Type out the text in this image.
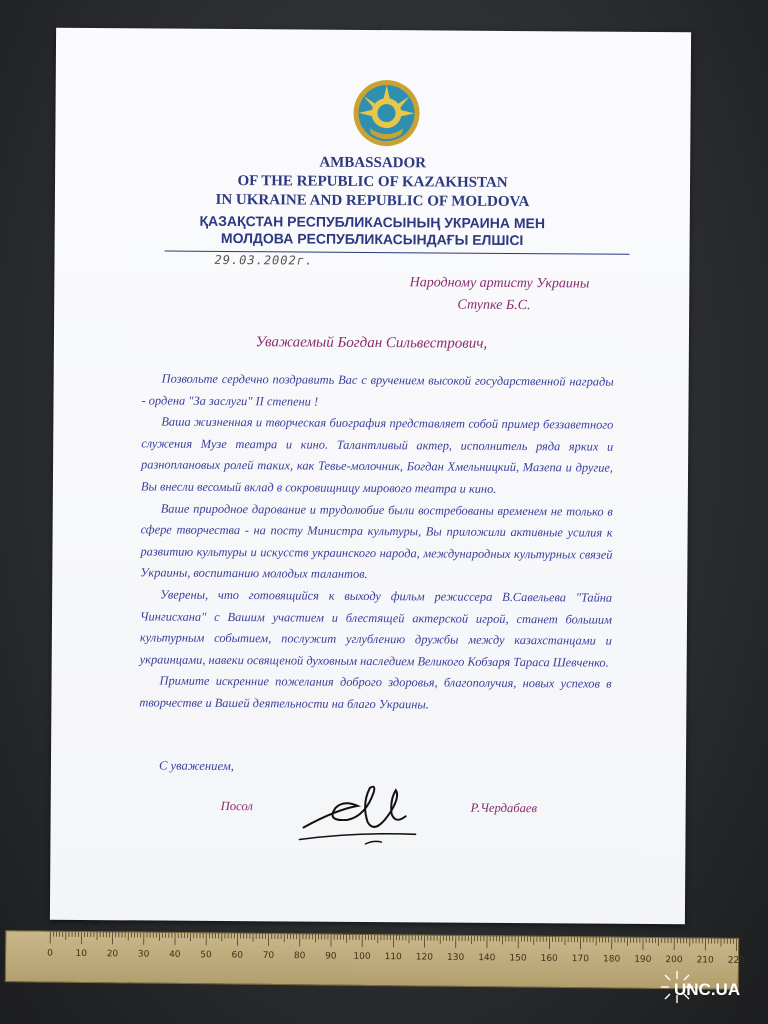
AMBASSADOR
OF THE REPUBLIC OF KAZAKHSTAN
IN UKRAINE AND REPUBLIC OF MOLDOVA
ҚАЗАҚСТАН РЕСПУБЛИКАСЫНЫҢ УКРАИНА МЕН
МОЛДОВА РЕСПУБЛИКАСЫНДАҒЫ ЕЛШІСІ
29.03.2002г.
Народному артисту Украины
Ступке Б.С.
Уважаемый Богдан Сильвестрович,

Позвольте сердечно поздравить Вас с вручением высокой государственной награды - ордена "За заслуги" II степени !

Ваша жизненная и творческая биография представляет собой пример беззаветного служения Музе театра и кино. Талантливый актер, исполнитель ряда ярких и разноплановых ролей таких, как Тевье-молочник, Богдан Хмельницкий, Мазепа и другие, Вы внесли весомый вклад в сокровищницу мирового театра и кино.

Ваше природное дарование и трудолюбие были востребованы временем не только в сфере творчества - на посту Министра культуры, Вы приложили активные усилия к развитию культуры и искусств украинского народа, международных культурных связей Украины, воспитанию молодых талантов.

Уверены, что готовящийся к выходу фильм режиссера В.Савельева "Тайна Чингисхана" с Вашим участием и блестящей актерской игрой, станет большим культурным событием, послужит углублению дружбы между казахстанцами и украинцами, навеки освященой духовным наследием Великого Кобзаря Тараса Шевченко.

Примите искренние пожелания доброго здоровья, благополучия, новых успехов в творчестве и Вашей деятельности на благо Украины.

С уважением,
Посол	Р.Чердабаев
0	10 20 30 40 50 60 70 80 90 100 110 120 130 140 150 160 170 180 190 200 210 220
UNC.UA
